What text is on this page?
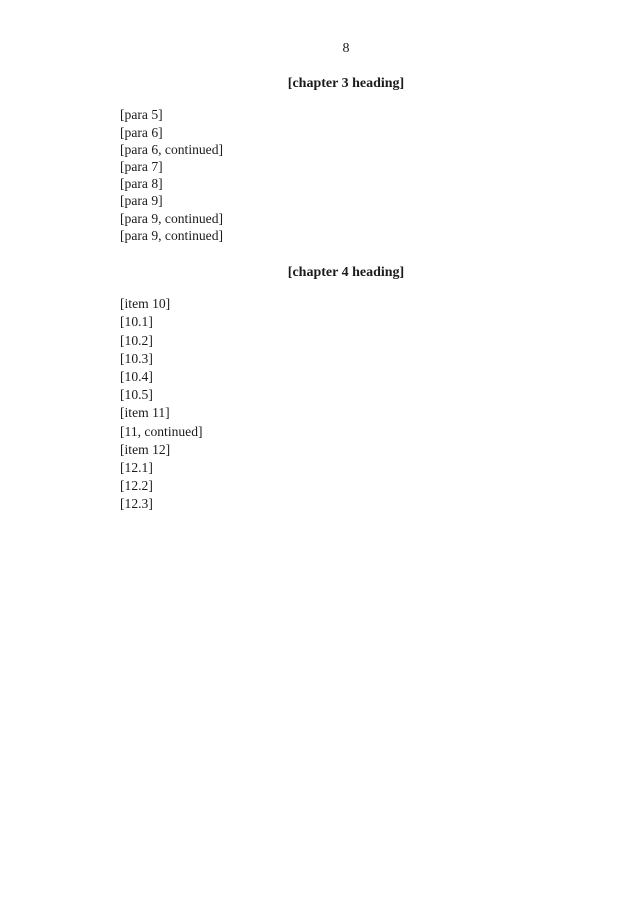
8
[chapter 3 heading]

[para 5]

[para 6]

[para 6, continued]

[para 7]

[para 8]

[para 9]

[para 9, continued]

[para 9, continued]

[chapter 4 heading]

[item 10]

[10.1]

[10.2]

[10.3]

[10.4]

[10.5]

[item 11]

[11, continued]

[item 12]

[12.1]

[12.2]

[12.3]
